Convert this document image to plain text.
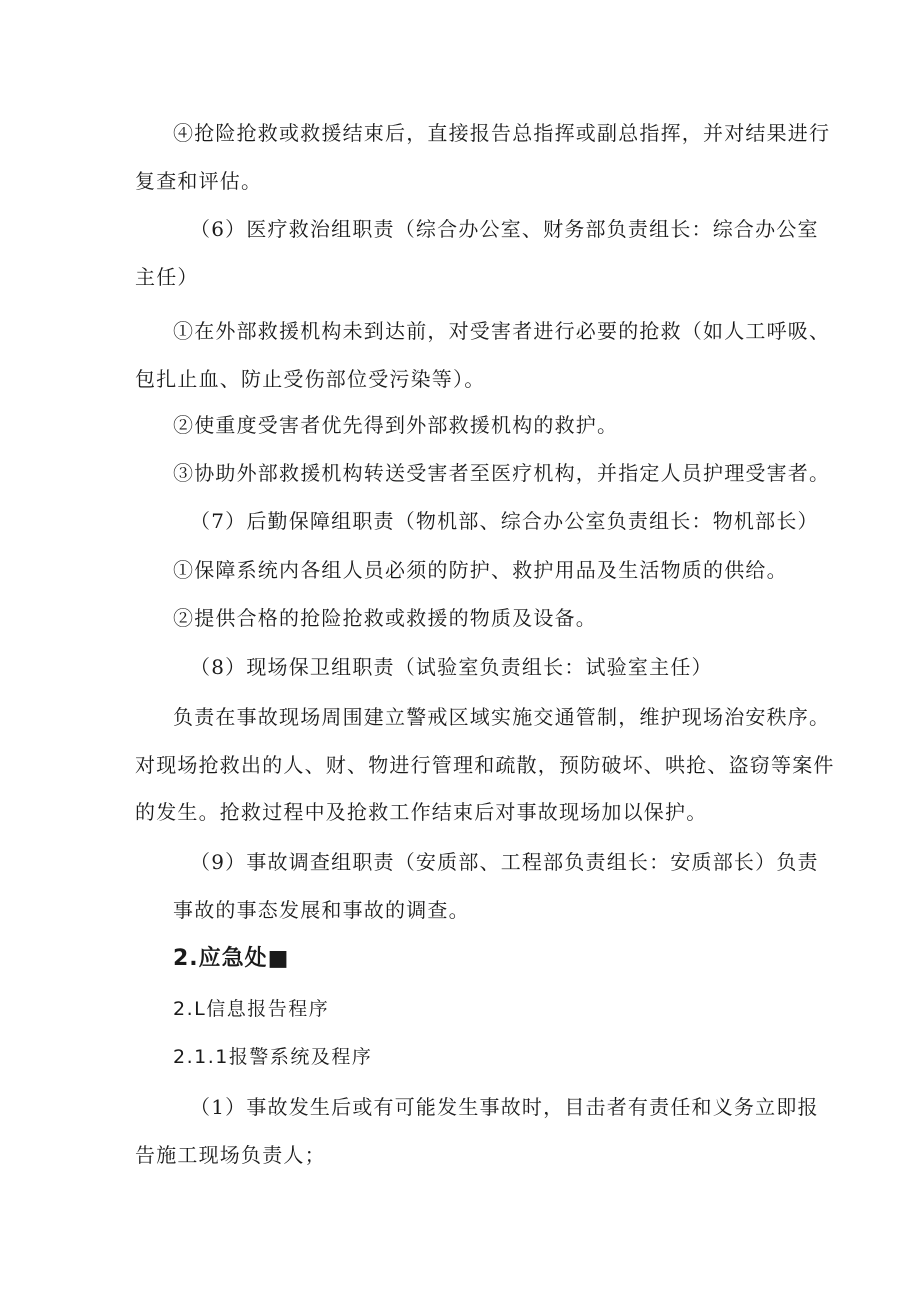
④抢险抢救或救援结束后，直接报告总指挥或副总指挥，并对结果进行
复查和评估。
（6）医疗救治组职责（综合办公室、财务部负责组长：综合办公室
主任）
①在外部救援机构未到达前，对受害者进行必要的抢救（如人工呼吸、
包扎止血、防止受伤部位受污染等）。
②使重度受害者优先得到外部救援机构的救护。
③协助外部救援机构转送受害者至医疗机构，并指定人员护理受害者。
（7）后勤保障组职责（物机部、综合办公室负责组长：物机部长）
①保障系统内各组人员必须的防护、救护用品及生活物质的供给。
②提供合格的抢险抢救或救援的物质及设备。
（8）现场保卫组职责（试验室负责组长：试验室主任）
负责在事故现场周围建立警戒区域实施交通管制，维护现场治安秩序。
对现场抢救出的人、财、物进行管理和疏散，预防破坏、哄抢、盗窃等案件
的发生。抢救过程中及抢救工作结束后对事故现场加以保护。
（9）事故调查组职责（安质部、工程部负责组长：安质部长）负责
事故的事态发展和事故的调查。
2.应急处■
2.L信息报告程序
2.1.1报警系统及程序
（1）事故发生后或有可能发生事故时，目击者有责任和义务立即报
告施工现场负责人；
